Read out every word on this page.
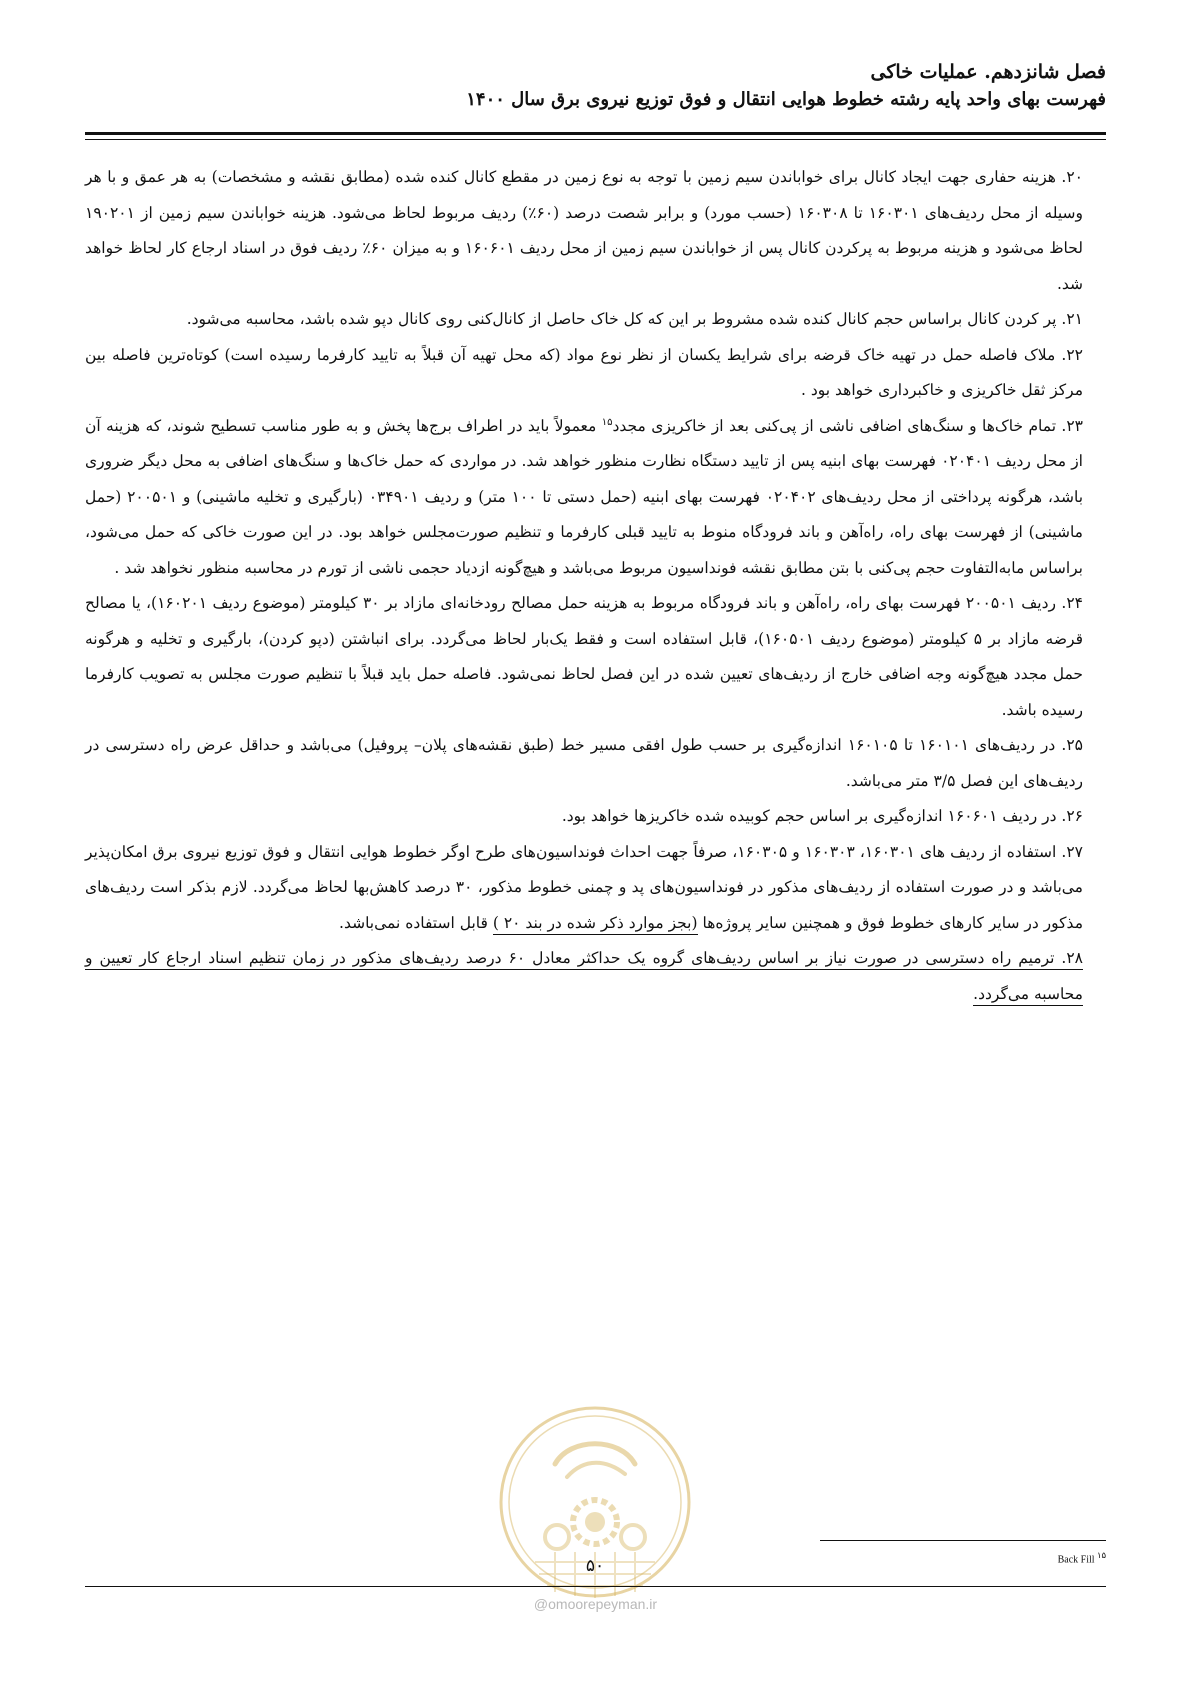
فصل شانزدهم. عملیات خاکی
فهرست بهای واحد پایه رشته خطوط هوایی انتقال و فوق توزیع نیروی برق سال ۱۴۰۰

۲۰. هزینه حفاری جهت ایجاد کانال برای خواباندن سیم زمین با توجه به نوع زمین در مقطع کانال کنده شده (مطابق نقشه و مشخصات) به هر عمق و با هر وسیله از محل ردیف‌های ۱۶۰۳۰۱ تا ۱۶۰۳۰۸ (حسب مورد) و برابر شصت درصد (۶۰٪) ردیف مربوط لحاظ می‌شود. هزینه خواباندن سیم زمین از ۱۹۰۲۰۱ لحاظ می‌شود و هزینه مربوط به پرکردن کانال پس از خواباندن سیم زمین از محل ردیف ۱۶۰۶۰۱ و به میزان ۶۰٪ ردیف فوق در اسناد ارجاع کار لحاظ خواهد شد.

۲۱. پر کردن کانال براساس حجم کانال کنده شده مشروط بر این که کل خاک حاصل از کانال‌کنی روی کانال دپو شده باشد، محاسبه می‌شود.

۲۲. ملاک فاصله حمل در تهیه خاک قرضه برای شرایط یکسان از نظر نوع مواد (که محل تهیه آن قبلاً به تایید کارفرما رسیده است) کوتاه‌ترین فاصله بین مرکز ثقل خاکریزی و خاکبرداری خواهد بود .

۲۳. تمام خاک‌ها و سنگ‌های اضافی ناشی از پی‌کنی بعد از خاکریزی مجدد$^{۱۵}$ معمولاً باید در اطراف برج‌ها پخش و به طور مناسب تسطیح شوند، که هزینه آن از محل ردیف ۰۲۰۴۰۱ فهرست بهای ابنیه پس از تایید دستگاه نظارت منظور خواهد شد. در مواردی که حمل خاک‌ها و سنگ‌های اضافی به محل دیگر ضروری باشد، هرگونه پرداختی از محل ردیف‌های ۰۲۰۴۰۲ فهرست بهای ابنیه (حمل دستی تا ۱۰۰ متر) و ردیف ۰۳۴۹۰۱ (بارگیری و تخلیه ماشینی) و ۲۰۰۵۰۱ (حمل ماشینی) از فهرست بهای راه، راه‌آهن و باند فرودگاه منوط به تایید قبلی کارفرما و تنظیم صورت‌مجلس خواهد بود. در این صورت خاکی که حمل می‌شود، براساس مابه‌التفاوت حجم پی‌کنی با بتن مطابق نقشه فونداسیون مربوط می‌باشد و هیچ‌گونه ازدیاد حجمی ناشی از تورم در محاسبه منظور نخواهد شد .

۲۴. ردیف ۲۰۰۵۰۱ فهرست بهای راه، راه‌آهن و باند فرودگاه مربوط به هزینه حمل مصالح رودخانه‌ای مازاد بر ۳۰ کیلومتر (موضوع ردیف ۱۶۰۲۰۱)، یا مصالح قرضه مازاد بر ۵ کیلومتر (موضوع ردیف ۱۶۰۵۰۱)، قابل استفاده است و فقط یک‌بار لحاظ می‌گردد. برای انباشتن (دپو کردن)، بارگیری و تخلیه و هرگونه حمل مجدد هیچ‌گونه وجه اضافی خارج از ردیف‌های تعیین شده در این فصل لحاظ نمی‌شود. فاصله حمل باید قبلاً با تنظیم صورت مجلس به تصویب کارفرما رسیده باشد.

۲۵. در ردیف‌های ۱۶۰۱۰۱ تا ۱۶۰۱۰۵ اندازه‌گیری بر حسب طول افقی مسیر خط (طبق نقشه‌های پلان– پروفیل) می‌باشد و حداقل عرض راه دسترسی در ردیف‌های این فصل ۳/۵ متر می‌باشد.

۲۶. در ردیف ۱۶۰۶۰۱ اندازه‌گیری بر اساس حجم کوبیده شده خاکریزها خواهد بود.

۲۷. استفاده از ردیف های ۱۶۰۳۰۱، ۱۶۰۳۰۳ و ۱۶۰۳۰۵، صرفاً جهت احداث فونداسیون‌های طرح اوگر خطوط هوایی انتقال و فوق توزیع نیروی برق امکان‌پذیر می‌باشد و در صورت استفاده از ردیف‌های مذکور در فونداسیون‌های پد و چمنی خطوط مذکور، ۳۰ درصد کاهش‌بها لحاظ می‌گردد. لازم بذکر است ردیف‌های مذکور در سایر کارهای خطوط فوق و همچنین سایر پروژه‌ها (بجز موارد ذکر شده در بند ۲۰ ) قابل استفاده نمی‌باشد.

۲۸. ترمیم راه دسترسی در صورت نیاز بر اساس ردیف‌های گروه یک حداکثر معادل ۶۰ درصد ردیف‌های مذکور در زمان تنظیم اسناد ارجاع کار تعیین و محاسبه می‌گردد.

Back Fill $^{۱۵}$
۵۰
@omoorepeyman.ir
